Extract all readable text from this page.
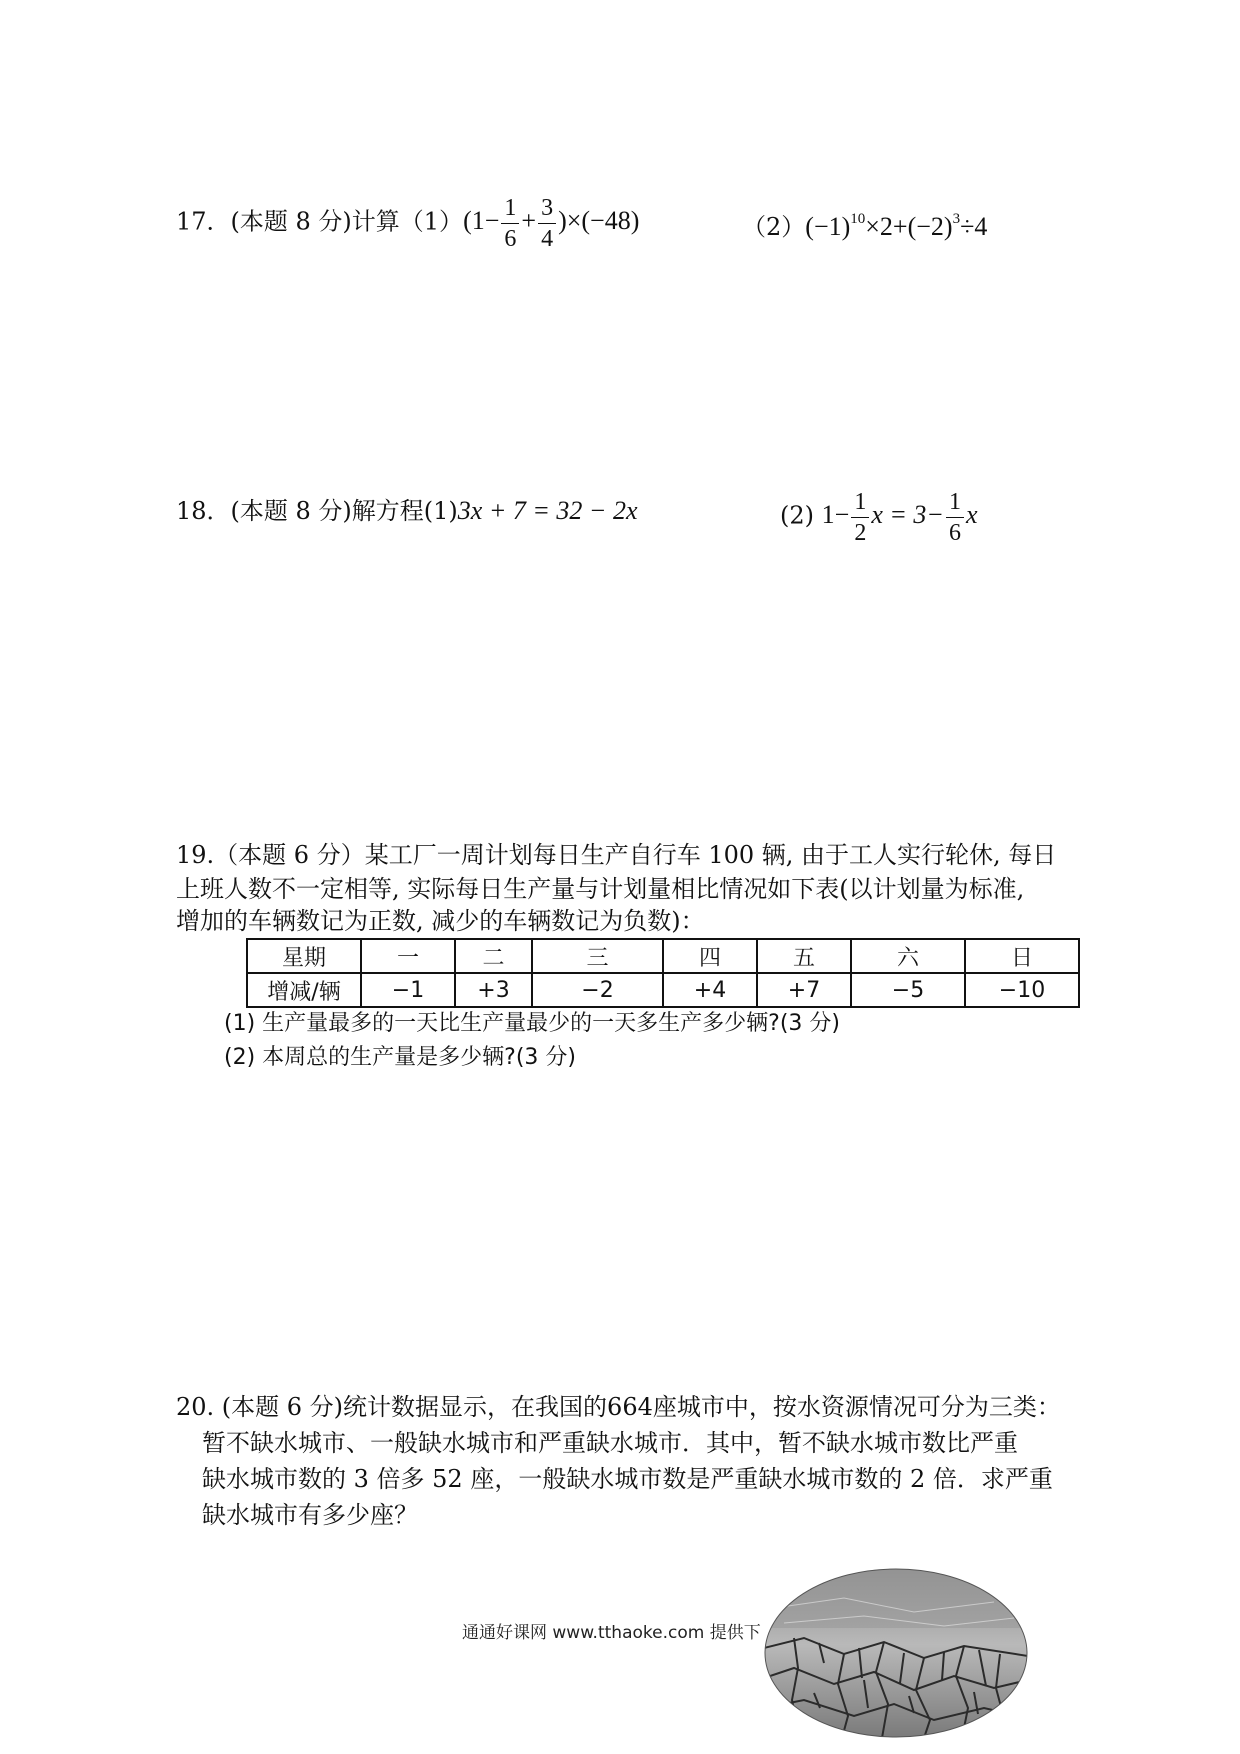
17．(本题 8 分)计算$(1)(1- \frac{1}{6} + \frac{3}{4} )\times(-48)$	$(2)(-1)^{10}\times 2+(-2)^3\div 4$
18．(本题 8 分)解方程(1)3x + 7 = 32 − 2x	(2) $1- \frac{1}{2}$ $x = 3- \frac{1}{6}$ x
19.（本题 6 分）某工厂一周计划每日生产自行车 100 辆, 由于工人实行轮休, 每日
上班人数不一定相等, 实际每日生产量与计划量相比情况如下表(以计划量为标准,
增加的车辆数记为正数, 减少的车辆数记为负数)：
星期	一	二	三	四	五	六	日
增减/辆	−1	+3	−2	+4	+7	−5	−10
(1) 生产量最多的一天比生产量最少的一天多生产多少辆?(3 分)
(2) 本周总的生产量是多少辆?(3 分)
20. (本题 6 分)统计数据显示，在我国的664座城市中，按水资源情况可分为三类：
暂不缺水城市、一般缺水城市和严重缺水城市．其中，暂不缺水城市数比严重
缺水城市数的 3 倍多 52 座，一般缺水城市数是严重缺水城市数的 2 倍．求严重
缺水城市有多少座？
通通好课网 www.tthaoke.com 提供下
